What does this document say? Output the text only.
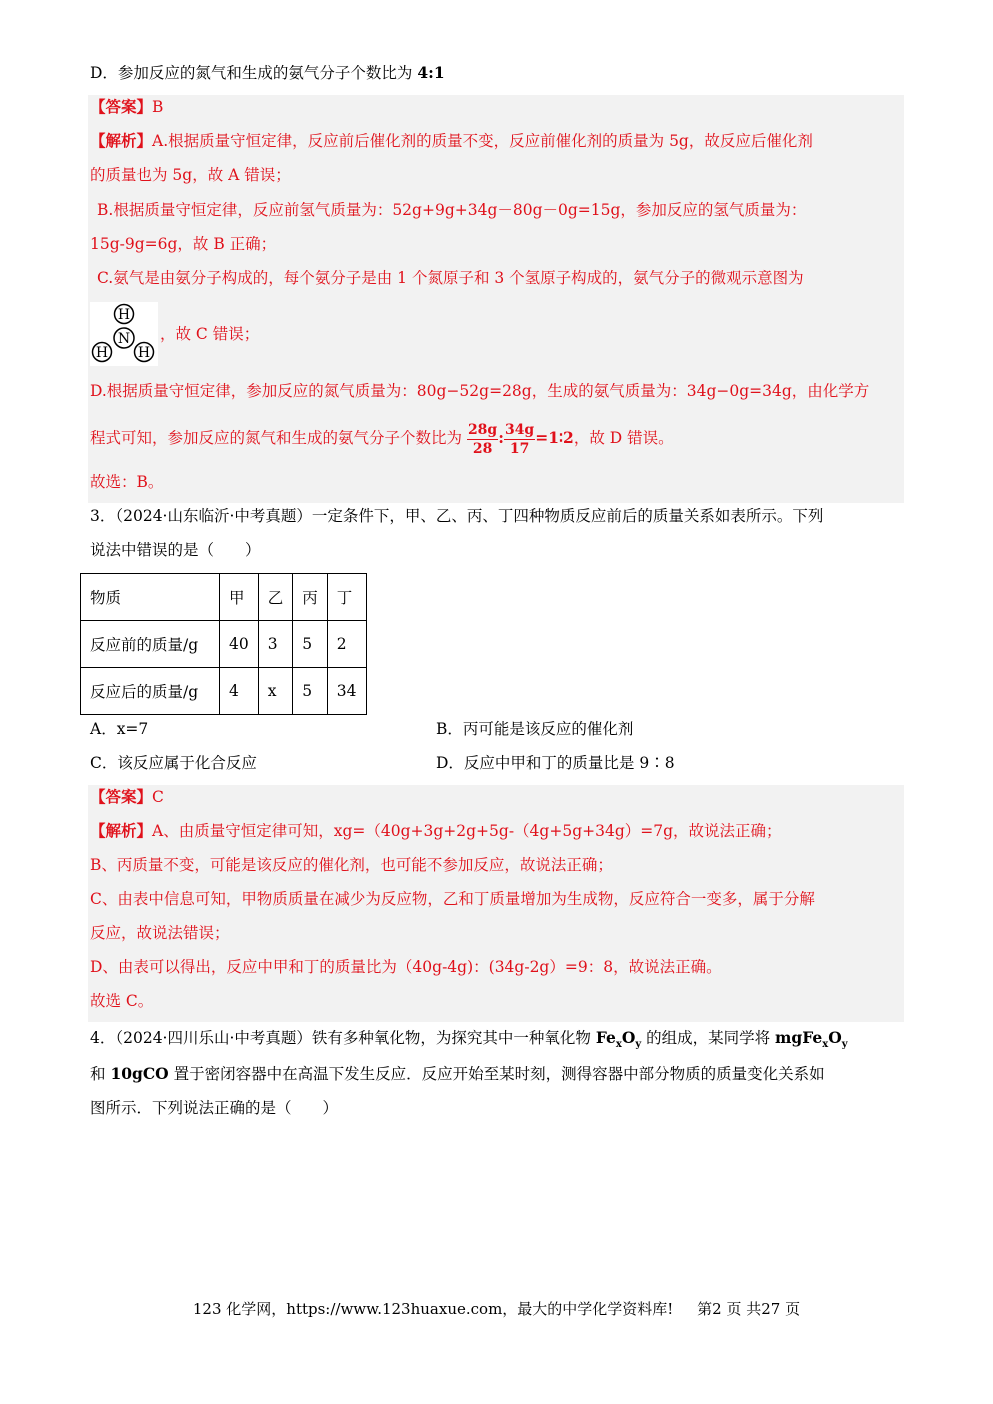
D．参加反应的氮气和生成的氨气分子个数比为 4:1
【答案】B
【解析】A.根据质量守恒定律，反应前后催化剂的质量不变，反应前催化剂的质量为 5g，故反应后催化剂
的质量也为 5g，故 A 错误；
B.根据质量守恒定律，反应前氢气质量为：52g+9g+34g－80g－0g=15g，参加反应的氢气质量为：
15g-9g=6g，故 B 正确；
C.氨气是由氨分子构成的，每个氨分子是由 1 个氮原子和 3 个氢原子构成的，氨气分子的微观示意图为
H
H H
N ，故 C 错误；
D.根据质量守恒定律，参加反应的氮气质量为：80g−52g=28g，生成的氨气质量为：34g−0g=34g，由化学方
程式可知，参加反应的氮气和生成的氨气分子个数比为 $\frac{28g}{28}$ : $\frac{34g}{17}$ =1∶2，故 D 错误。
故选：B。
3．（2024·山东临沂·中考真题）一定条件下，甲、乙、丙、丁四种物质反应前后的质量关系如表所示。下列
说法中错误的是（　　）
物质	甲	乙	丙	丁
反应前的质量/g	40	3	5	2
反应后的质量/g	4	x	5	34
A．x=7	B．丙可能是该反应的催化剂
C．该反应属于化合反应	D．反应中甲和丁的质量比是 9∶8
【答案】C
【解析】A、由质量守恒定律可知，xg=（40g+3g+2g+5g-（4g+5g+34g）=7g，故说法正确；
B、丙质量不变，可能是该反应的催化剂，也可能不参加反应，故说法正确；
C、由表中信息可知，甲物质质量在减少为反应物，乙和丁质量增加为生成物，反应符合一变多，属于分解
反应，故说法错误；
D、由表可以得出，反应中甲和丁的质量比为（40g-4g)：(34g-2g）=9：8，故说法正确。
故选 C。
4．（2024·四川乐山·中考真题）铁有多种氧化物，为探究其中一种氧化物 $Fe_xO_y$ 的组成，某同学将 $mgFe_xO_y$
和 10gCO 置于密闭容器中在高温下发生反应．反应开始至某时刻，测得容器中部分物质的质量变化关系如
图所示．下列说法正确的是（　　）
123 化学网，https://www.123huaxue.com，最大的中学化学资料库! 第2 页 共27 页
